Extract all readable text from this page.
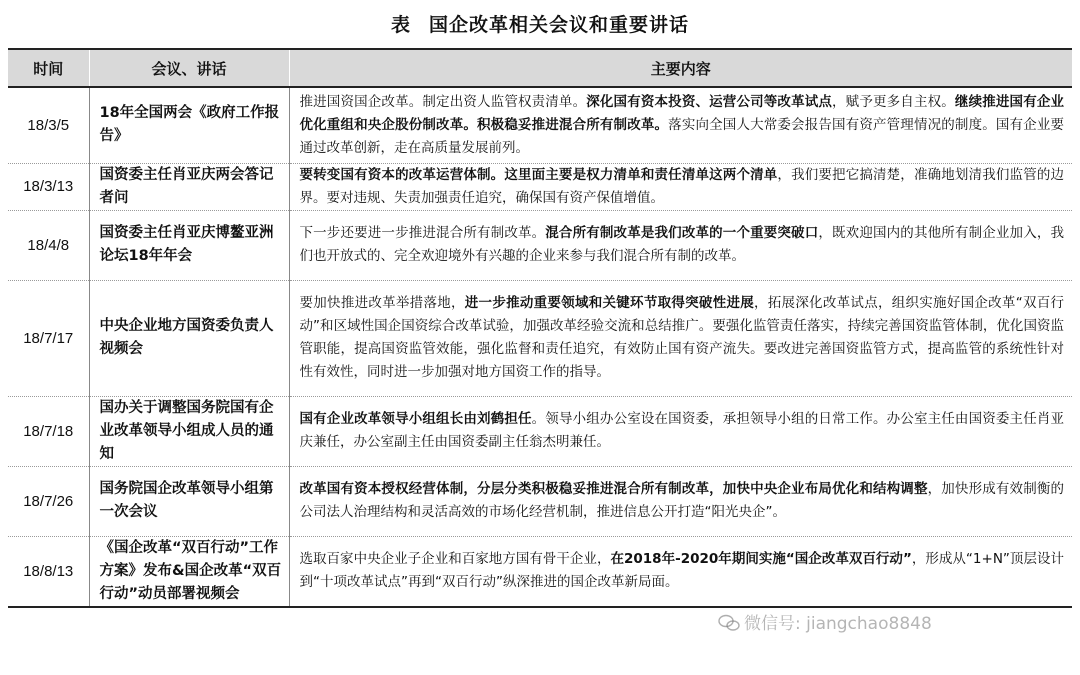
表 国企改革相关会议和重要讲话
时间	会议、讲话	主要内容
18/3/5	18年全国两会《政府工作报告》	推进国资国企改革。制定出资人监管权责清单。深化国有资本投资、运营公司等改革试点，赋予更多自主权。继续推进国有企业优化重组和央企股份制改革。积极稳妥推进混合所有制改革。落实向全国人大常委会报告国有资产管理情况的制度。国有企业要通过改革创新，走在高质量发展前列。
18/3/13	国资委主任肖亚庆两会答记者问	要转变国有资本的改革运营体制。这里面主要是权力清单和责任清单这两个清单，我们要把它搞清楚，准确地划清我们监管的边界。要对违规、失责加强责任追究，确保国有资产保值增值。
18/4/8	国资委主任肖亚庆博鳌亚洲论坛18年年会	下一步还要进一步推进混合所有制改革。混合所有制改革是我们改革的一个重要突破口，既欢迎国内的其他所有制企业加入，我们也开放式的、完全欢迎境外有兴趣的企业来参与我们混合所有制的改革。
18/7/17	中央企业地方国资委负责人视频会	要加快推进改革举措落地，进一步推动重要领域和关键环节取得突破性进展，拓展深化改革试点，组织实施好国企改革“双百行动”和区域性国企国资综合改革试验，加强改革经验交流和总结推广。要强化监管责任落实，持续完善国资监管体制，优化国资监管职能，提高国资监管效能，强化监督和责任追究，有效防止国有资产流失。要改进完善国资监管方式，提高监管的系统性针对性有效性，同时进一步加强对地方国资工作的指导。
18/7/18	国办关于调整国务院国有企业改革领导小组成人员的通知	国有企业改革领导小组组长由刘鹤担任。领导小组办公室设在国资委，承担领导小组的日常工作。办公室主任由国资委主任肖亚庆兼任，办公室副主任由国资委副主任翁杰明兼任。
18/7/26	国务院国企改革领导小组第一次会议	改革国有资本授权经营体制，分层分类积极稳妥推进混合所有制改革，加快中央企业布局优化和结构调整，加快形成有效制衡的公司法人治理结构和灵活高效的市场化经营机制，推进信息公开打造“阳光央企”。
18/8/13	《国企改革“双百行动”工作方案》发布&国企改革“双百行动”动员部署视频会	选取百家中央企业子企业和百家地方国有骨干企业，在2018年-2020年期间实施“国企改革双百行动”，形成从“1+N”顶层设计到“十项改革试点”再到“双百行动”纵深推进的国企改革新局面。
微信号: jiangchao8848
